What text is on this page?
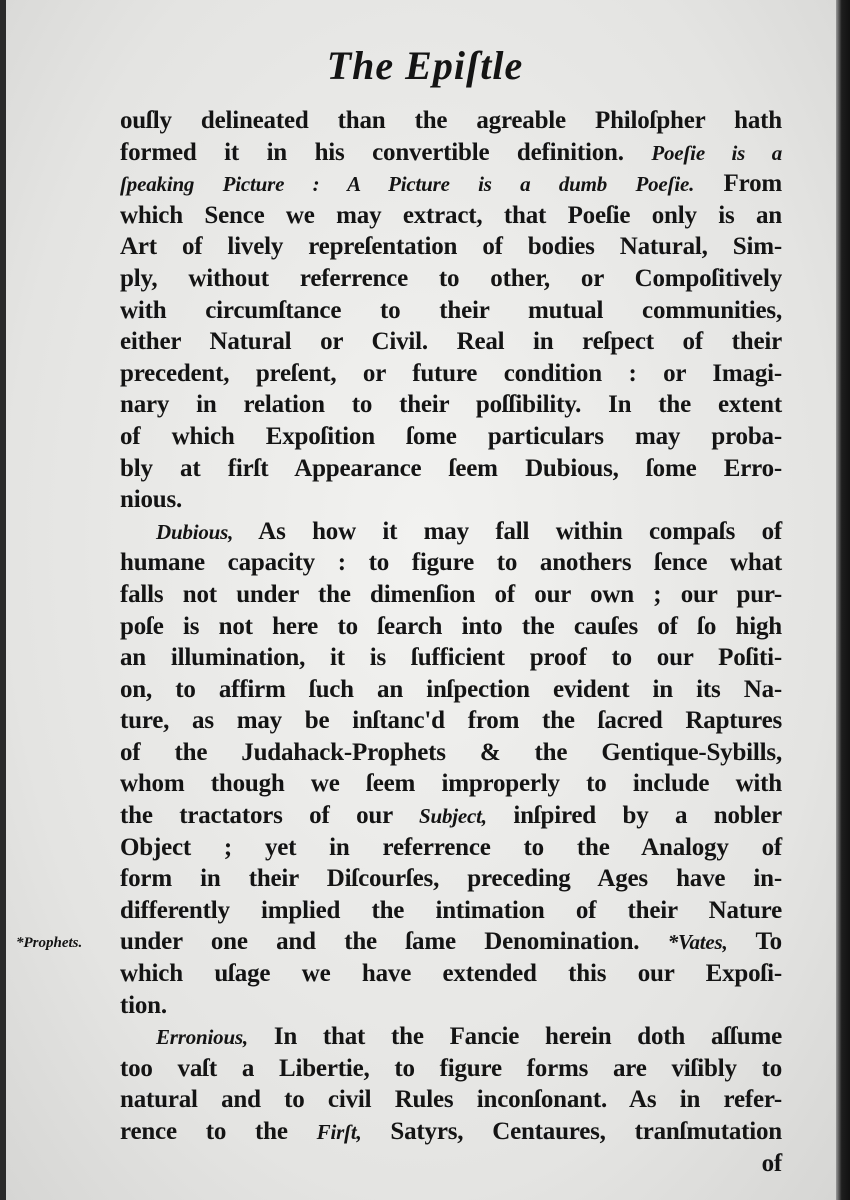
The Epiſtle
ouſly delineated than the agreable Philoſpher hath
formed it in his convertible definition. Poeſie is a
ſpeaking Picture : A Picture is a dumb Poeſie. From
which Sence we may extract, that Poeſie only is an
Art of lively repreſentation of bodies Natural, Sim-
ply, without referrence to other, or Compoſitively
with circumſtance to their mutual communities,
either Natural or Civil. Real in reſpect of their
precedent, preſent, or future condition : or Imagi-
nary in relation to their poſſibility. In the extent
of which Expoſition ſome particulars may proba-
bly at firſt Appearance ſeem Dubious, ſome Erro-
nious.
Dubious, As how it may fall within compaſs of
humane capacity : to figure to anothers ſence what
falls not under the dimenſion of our own ; our pur-
poſe is not here to ſearch into the cauſes of ſo high
an illumination, it is ſufficient proof to our Poſiti-
on, to affirm ſuch an inſpection evident in its Na-
ture, as may be inſtanc'd from the ſacred Raptures
of the Judahack-Prophets & the Gentique-Sybills,
whom though we ſeem improperly to include with
the tractators of our Subject, inſpired by a nobler
Object ; yet in referrence to the Analogy of
form in their Diſcourſes, preceding Ages have in-
differently implied the intimation of their Nature
under one and the ſame Denomination. *Vates, To
which uſage we have extended this our Expoſi-
tion.
Erronious, In that the Fancie herein doth aſſume
too vaſt a Libertie, to figure forms are viſibly to
natural and to civil Rules inconſonant. As in refer-
rence to the Firſt, Satyrs, Centaures, tranſmutation
of
*Prophets.
